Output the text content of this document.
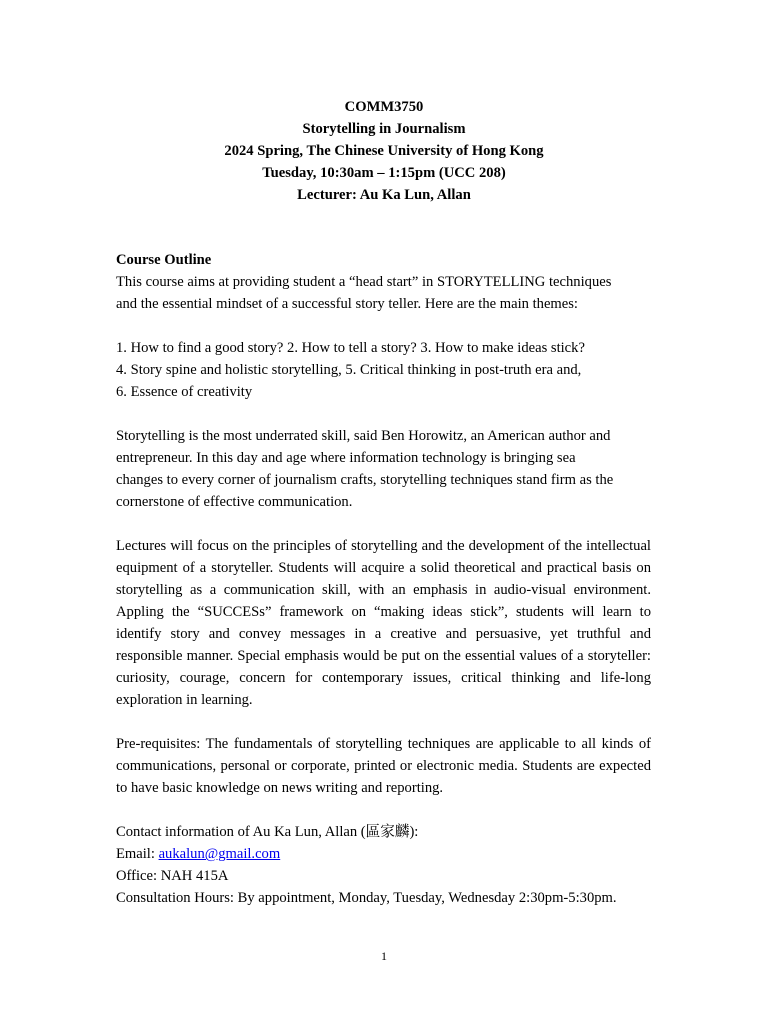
COMM3750
Storytelling in Journalism
2024 Spring, The Chinese University of Hong Kong
Tuesday, 10:30am – 1:15pm (UCC 208)
Lecturer: Au Ka Lun, Allan

Course Outline

This course aims at providing student a “head start” in STORYTELLING techniques

and the essential mindset of a successful story teller. Here are the main themes:

1. How to find a good story? 2. How to tell a story? 3. How to make ideas stick?

4. Story spine and holistic storytelling, 5. Critical thinking in post-truth era and,

6. Essence of creativity

Storytelling is the most underrated skill, said Ben Horowitz, an American author and

entrepreneur. In this day and age where information technology is bringing sea

changes to every corner of journalism crafts, storytelling techniques stand firm as the

cornerstone of effective communication.

Lectures will focus on the principles of storytelling and the development of the intellectual equipment of a storyteller. Students will acquire a solid theoretical and practical basis on storytelling as a communication skill, with an emphasis in audio-visual environment. Appling the “SUCCESs” framework on “making ideas stick”, students will learn to identify story and convey messages in a creative and persuasive, yet truthful and responsible manner. Special emphasis would be put on the essential values of a storyteller: curiosity, courage, concern for contemporary issues, critical thinking and life-long exploration in learning.

Pre-requisites: The fundamentals of storytelling techniques are applicable to all kinds of communications, personal or corporate, printed or electronic media. Students are expected to have basic knowledge on news writing and reporting.

Contact information of Au Ka Lun, Allan (區家麟):

Email: aukalun@gmail.com

Office: NAH 415A

Consultation Hours: By appointment, Monday, Tuesday, Wednesday 2:30pm-5:30pm.

1
